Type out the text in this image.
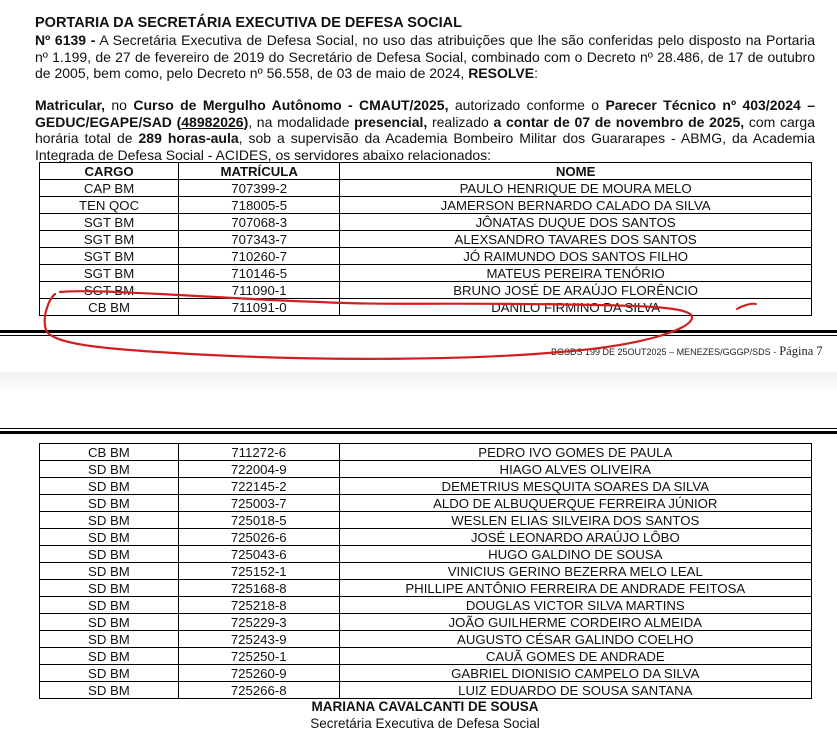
PORTARIA DA SECRETÁRIA EXECUTIVA DE DEFESA SOCIAL
Nº 6139 - A Secretária Executiva de Defesa Social, no uso das atribuições que lhe são conferidas pelo disposto na Portaria nº 1.199, de 27 de fevereiro de 2019 do Secretário de Defesa Social, combinado com o Decreto nº 28.486, de 17 de outubro de 2005, bem como, pelo Decreto nº 56.558, de 03 de maio de 2024, RESOLVE:
Matricular, no Curso de Mergulho Autônomo - CMAUT/2025, autorizado conforme o Parecer Técnico nº 403/2024 – GEDUC/EGAPE/SAD (48982026), na modalidade presencial, realizado a contar de 07 de novembro de 2025, com carga horária total de 289 horas-aula, sob a supervisão da Academia Bombeiro Militar dos Guararapes - ABMG, da Academia Integrada de Defesa Social - ACIDES, os servidores abaixo relacionados:
CARGO	MATRÍCULA	NOME
CAP BM	707399-2	PAULO HENRIQUE DE MOURA MELO
TEN QOC	718005-5	JAMERSON BERNARDO CALADO DA SILVA
SGT BM	707068-3	JÔNATAS DUQUE DOS SANTOS
SGT BM	707343-7	ALEXSANDRO TAVARES DOS SANTOS
SGT BM	710260-7	JÓ RAIMUNDO DOS SANTOS FILHO
SGT BM	710146-5	MATEUS PEREIRA TENÓRIO
SGT BM	711090-1	BRUNO JOSÉ DE ARAÚJO FLORÊNCIO
CB BM	711091-0	DANILO FIRMINO DA SILVA
BGSDS 199 DE 25OUT2025 – MENEZES/GGGP/SDS - Página 7
CB BM	711272-6	PEDRO IVO GOMES DE PAULA
SD BM	722004-9	HIAGO ALVES OLIVEIRA
SD BM	722145-2	DEMETRIUS MESQUITA SOARES DA SILVA
SD BM	725003-7	ALDO DE ALBUQUERQUE FERREIRA JÚNIOR
SD BM	725018-5	WESLEN ELIAS SILVEIRA DOS SANTOS
SD BM	725026-6	JOSÉ LEONARDO ARAÚJO LÔBO
SD BM	725043-6	HUGO GALDINO DE SOUSA
SD BM	725152-1	VINICIUS GERINO BEZERRA MELO LEAL
SD BM	725168-8	PHILLIPE ANTÔNIO FERREIRA DE ANDRADE FEITOSA
SD BM	725218-8	DOUGLAS VICTOR SILVA MARTINS
SD BM	725229-3	JOÃO GUILHERME CORDEIRO ALMEIDA
SD BM	725243-9	AUGUSTO CÉSAR GALINDO COELHO
SD BM	725250-1	CAUÃ GOMES DE ANDRADE
SD BM	725260-9	GABRIEL DIONISIO CAMPELO DA SILVA
SD BM	725266-8	LUIZ EDUARDO DE SOUSA SANTANA
MARIANA CAVALCANTI DE SOUSA
Secretária Executiva de Defesa Social
